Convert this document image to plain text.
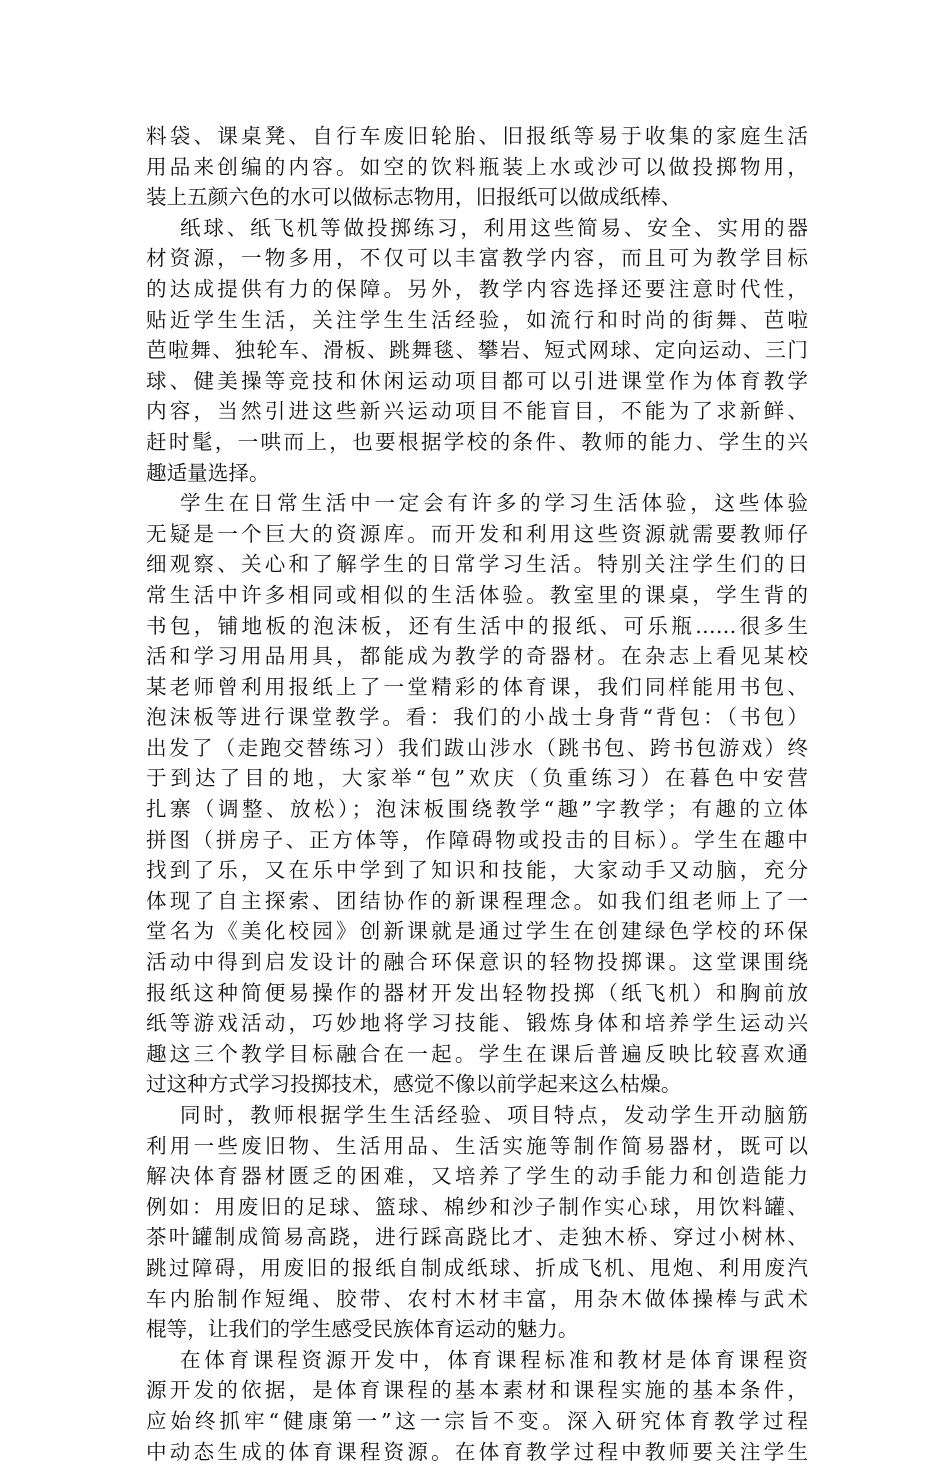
料袋、课桌凳、自行车废旧轮胎、旧报纸等易于收集的家庭生活
用品来创编的内容。如空的饮料瓶装上水或沙可以做投掷物用，
装上五颜六色的水可以做标志物用，旧报纸可以做成纸棒、
纸球、纸飞机等做投掷练习，利用这些简易、安全、实用的器
材资源，一物多用，不仅可以丰富教学内容，而且可为教学目标
的达成提供有力的保障。另外，教学内容选择还要注意时代性，
贴近学生生活，关注学生生活经验，如流行和时尚的街舞、芭啦
芭啦舞、独轮车、滑板、跳舞毯、攀岩、短式网球、定向运动、三门
球、健美操等竞技和休闲运动项目都可以引进课堂作为体育教学
内容，当然引进这些新兴运动项目不能盲目，不能为了求新鲜、
赶时髦，一哄而上，也要根据学校的条件、教师的能力、学生的兴
趣适量选择。
学生在日常生活中一定会有许多的学习生活体验，这些体验
无疑是一个巨大的资源库。而开发和利用这些资源就需要教师仔
细观察、关心和了解学生的日常学习生活。特别关注学生们的日
常生活中许多相同或相似的生活体验。教室里的课桌，学生背的
书包，铺地板的泡沫板，还有生活中的报纸、可乐瓶……很多生
活和学习用品用具，都能成为教学的奇器材。在杂志上看见某校
某老师曾利用报纸上了一堂精彩的体育课，我们同样能用书包、
泡沫板等进行课堂教学。看：我们的小战士身背“背包：（书包）
出发了（走跑交替练习）我们跋山涉水（跳书包、跨书包游戏）终
于到达了目的地，大家举“包”欢庆（负重练习）在暮色中安营
扎寨（调整、放松）；泡沫板围绕教学“趣”字教学；有趣的立体
拼图（拼房子、正方体等，作障碍物或投击的目标）。学生在趣中
找到了乐，又在乐中学到了知识和技能，大家动手又动脑，充分
体现了自主探索、团结协作的新课程理念。如我们组老师上了一
堂名为《美化校园》创新课就是通过学生在创建绿色学校的环保
活动中得到启发设计的融合环保意识的轻物投掷课。这堂课围绕
报纸这种简便易操作的器材开发出轻物投掷（纸飞机）和胸前放
纸等游戏活动，巧妙地将学习技能、锻炼身体和培养学生运动兴
趣这三个教学目标融合在一起。学生在课后普遍反映比较喜欢通
过这种方式学习投掷技术，感觉不像以前学起来这么枯燥。
同时，教师根据学生生活经验、项目特点，发动学生开动脑筋
利用一些废旧物、生活用品、生活实施等制作简易器材，既可以
解决体育器材匮乏的困难，又培养了学生的动手能力和创造能力
例如：用废旧的足球、篮球、棉纱和沙子制作实心球，用饮料罐、
茶叶罐制成简易高跷，进行踩高跷比才、走独木桥、穿过小树林、
跳过障碍，用废旧的报纸自制成纸球、折成飞机、甩炮、利用废汽
车内胎制作短绳、胶带、农村木材丰富，用杂木做体操棒与武术
棍等，让我们的学生感受民族体育运动的魅力。
在体育课程资源开发中，体育课程标准和教材是体育课程资
源开发的依据，是体育课程的基本素材和课程实施的基本条件，
应始终抓牢“健康第一”这一宗旨不变。深入研究体育教学过程
中动态生成的体育课程资源。在体育教学过程中教师要关注学生
